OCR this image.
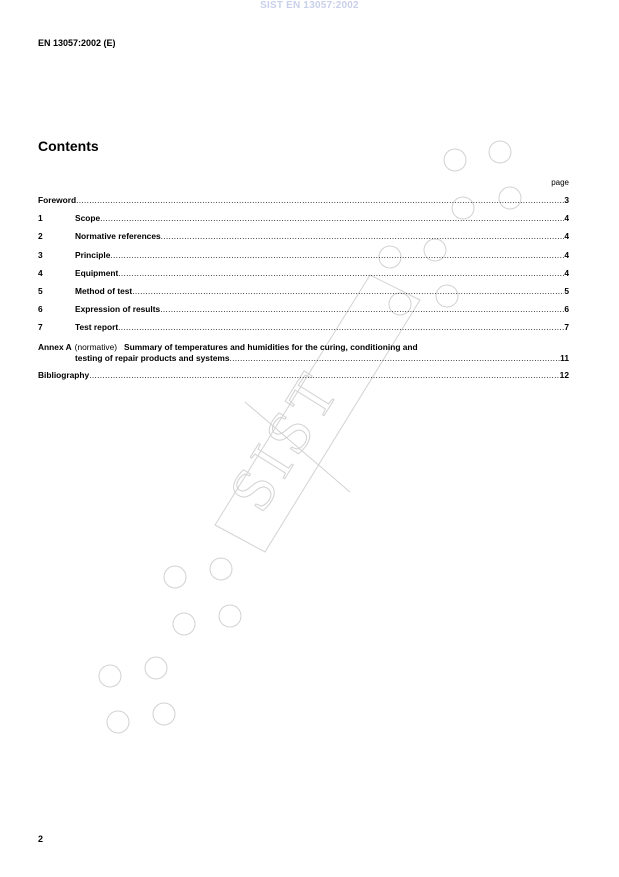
SIST
SIST EN 13057:2002
EN 13057:2002 (E)
Contents
page
Foreword .....	3
1	Scope .....	4
2	Normative references .....	4
3	Principle .....	4
4	Equipment .....	4
5	Method of test .....	5
6	Expression of results .....	6
7	Test report .....	7
Annex A (normative) Summary of temperatures and humidities for the curing, conditioning and
testing of repair products and systems .....	11
Bibliography .....	12
2
